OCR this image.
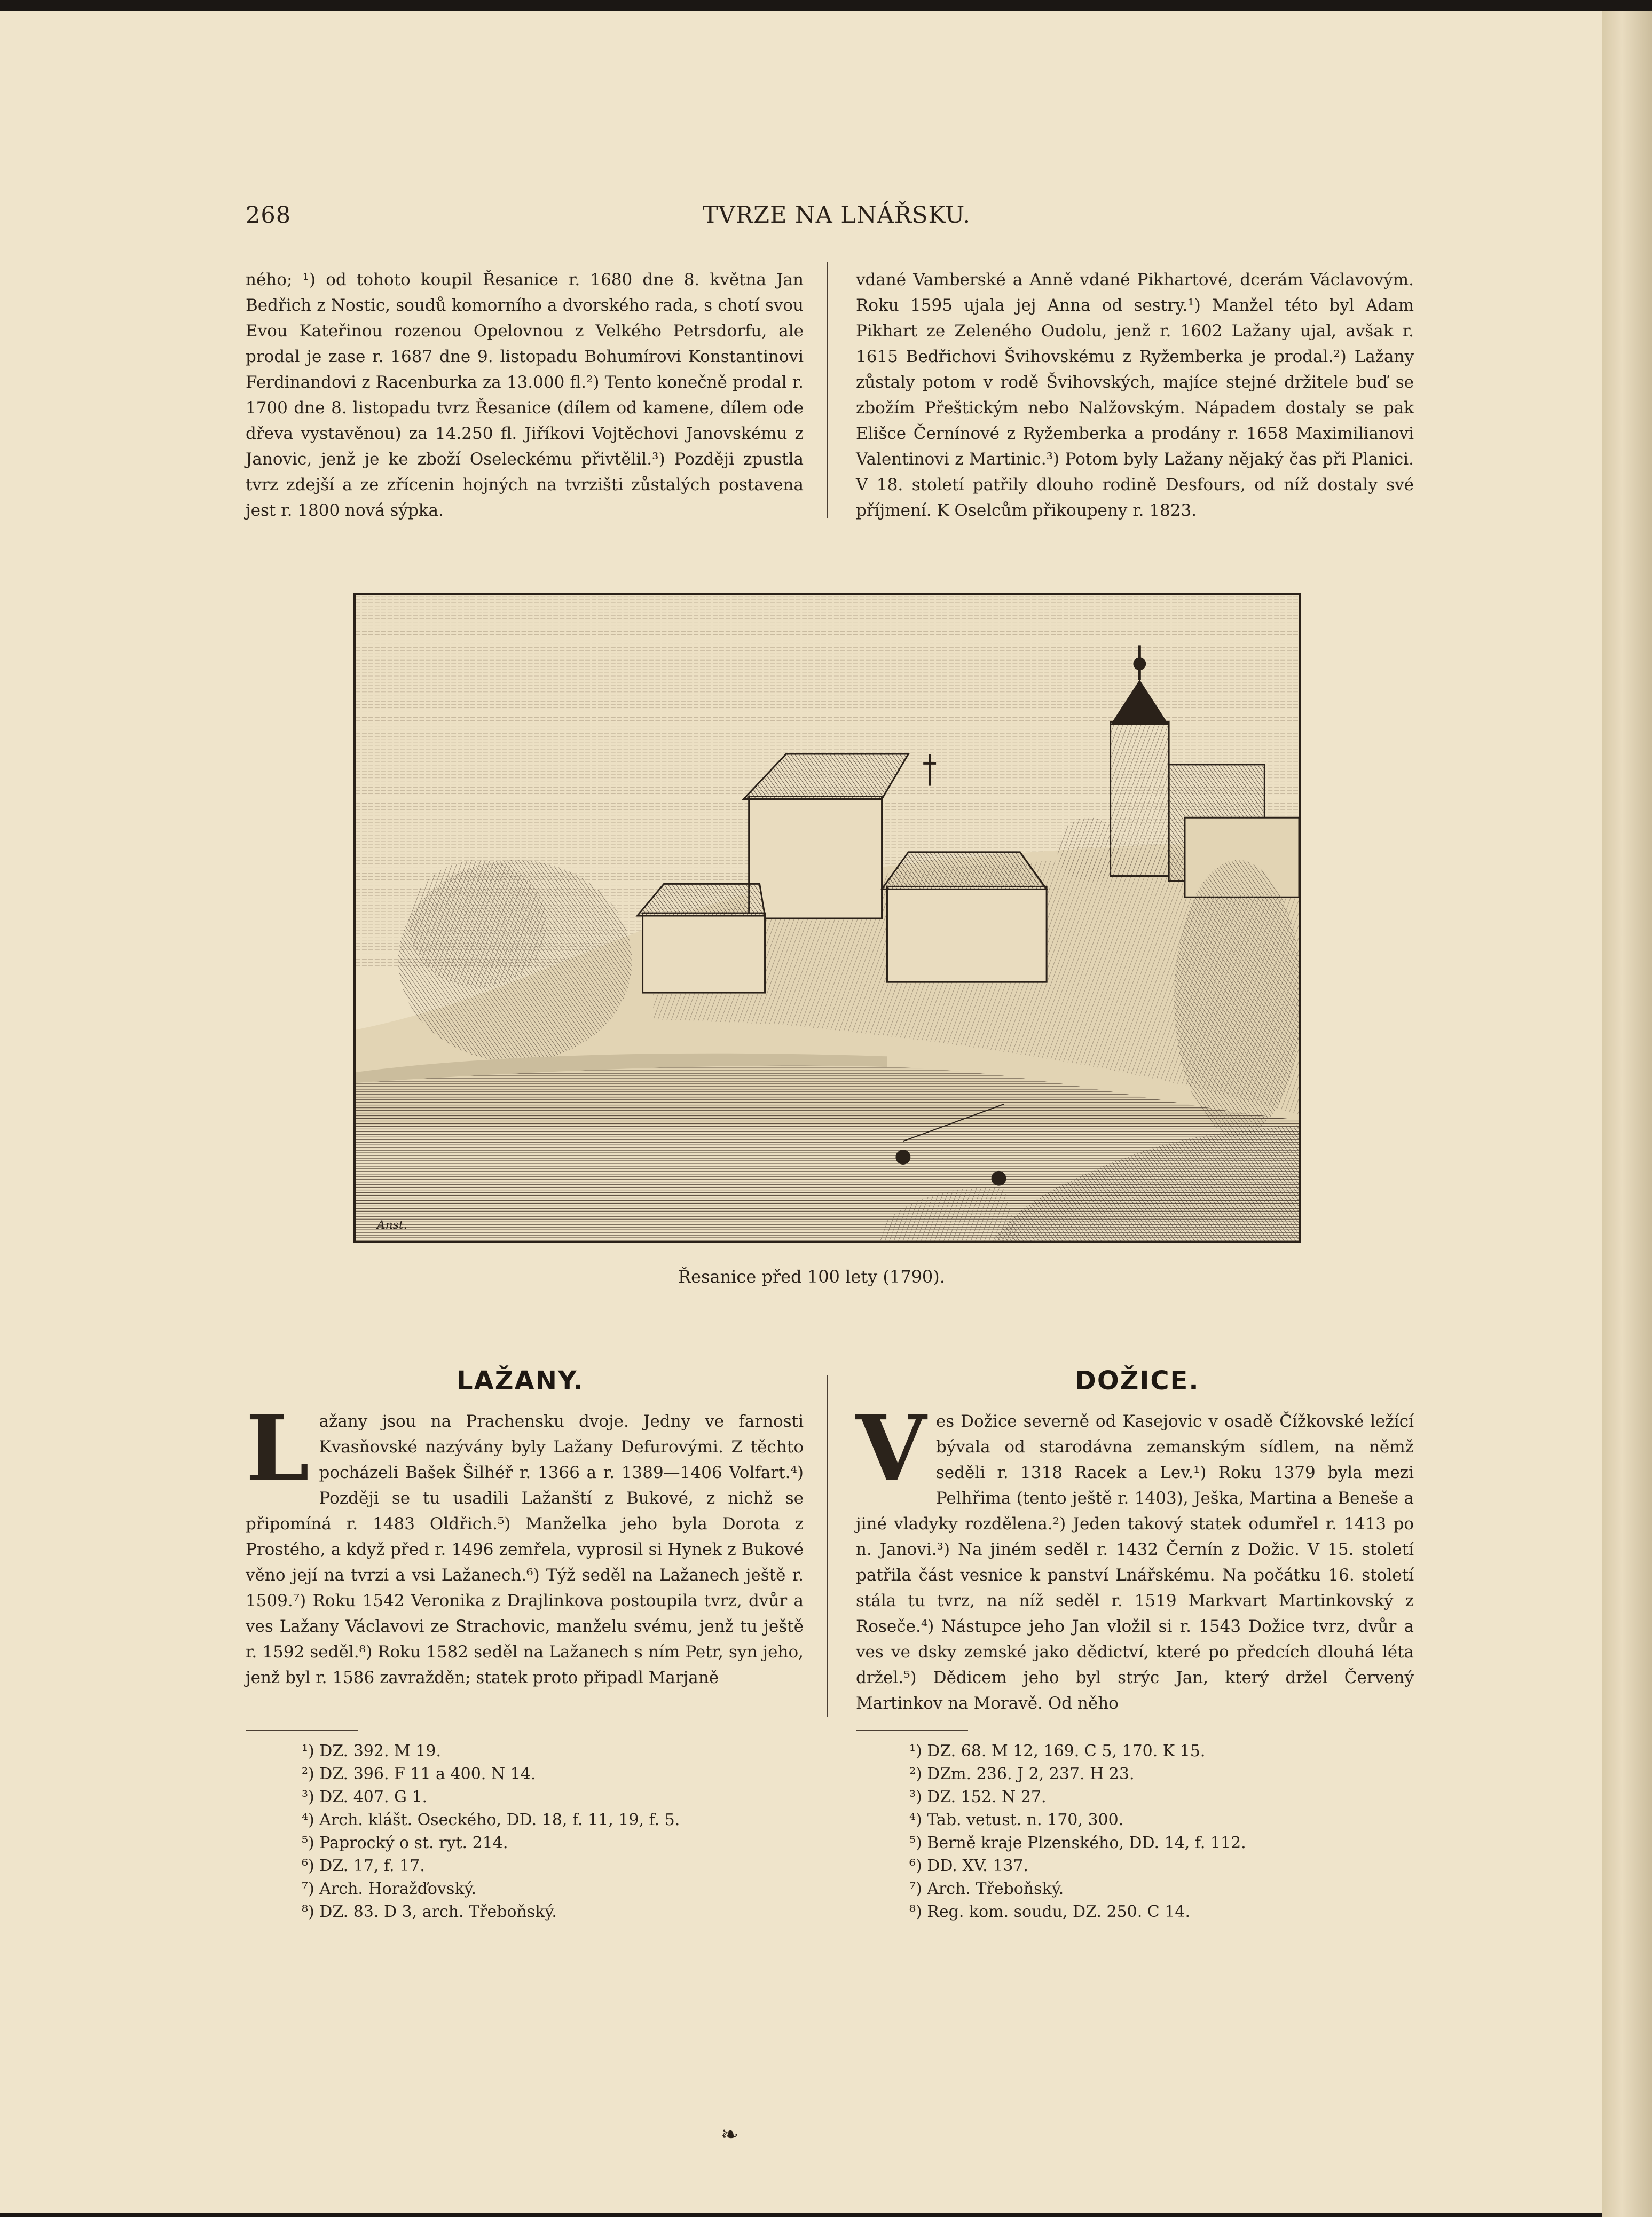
268	TVRZE NA LNÁŘSKU.

ného; ¹) od tohoto koupil Řesanice r. 1680 dne 8. května Jan Bedřich z Nostic, soudů komorního a dvorského rada, s chotí svou Evou Kateřinou rozenou Opelovnou z Velkého Petrsdorfu, ale prodal je zase r. 1687 dne 9. listopadu Bohumírovi Konstantinovi Ferdinandovi z Racenburka za 13.000 fl.²) Tento konečně prodal r. 1700 dne 8. listopadu tvrz Řesanice (dílem od kamene, dílem ode dřeva vystavěnou) za 14.250 fl. Jiříkovi Vojtěchovi Janovskému z Janovic, jenž je ke zboží Oseleckému přivtělil.³) Později zpustla tvrz zdejší a ze zřícenin hojných na tvrzišti zůstalých postavena jest r. 1800 nová sýpka.

vdané Vamberské a Anně vdané Pikhartové, dcerám Václavovým. Roku 1595 ujala jej Anna od sestry.¹) Manžel této byl Adam Pikhart ze Zeleného Oudolu, jenž r. 1602 Lažany ujal, avšak r. 1615 Bedřichovi Švihovskému z Ryžemberka je prodal.²) Lažany zůstaly potom v rodě Švihovských, majíce stejné držitele buď se zbožím Přeštickým nebo Nalžovským. Nápadem dostaly se pak Elišce Černínové z Ryžemberka a prodány r. 1658 Maximilianovi Valentinovi z Martinic.³) Potom byly Lažany nějaký čas při Planici. V 18. století patřily dlouho rodině Desfours, od níž dostaly své příjmení. K Oselcům přikoupeny r. 1823.

Anst.
Řesanice před 100 lety (1790).
LAŽANY.
L ažany jsou na Prachensku dvoje. Jedny ve farnosti Kvasňovské nazývány byly Lažany Defurovými. Z těchto pocházeli Bašek Šilhéř r. 1366 a r. 1389—1406 Volfart.⁴) Později se tu usadili Lažanští z Bukové, z nichž se připomíná r. 1483 Oldřich.⁵) Manželka jeho byla Dorota z Prostého, a když před r. 1496 zemřela, vyprosil si Hynek z Bukové věno její na tvrzi a vsi Lažanech.⁶) Týž seděl na Lažanech ještě r. 1509.⁷) Roku 1542 Veronika z Drajlinkova postoupila tvrz, dvůr a ves Lažany Václavovi ze Strachovic, manželu svému, jenž tu ještě r. 1592 seděl.⁸) Roku 1582 seděl na Lažanech s ním Petr, syn jeho, jenž byl r. 1586 zavražděn; statek proto připadl Marjaně

¹) DZ. 392. M 19.
²) DZ. 396. F 11 a 400. N 14.
³) DZ. 407. G 1.
⁴) Arch. klášt. Oseckého, DD. 18, f. 11, 19, f. 5.
⁵) Paprocký o st. ryt. 214.
⁶) DZ. 17, f. 17.
⁷) Arch. Horažďovský.
⁸) DZ. 83. D 3, arch. Třeboňský.
DOŽICE.
V es Dožice severně od Kasejovic v osadě Čížkovské ležící bývala od starodávna zemanským sídlem, na němž seděli r. 1318 Racek a Lev.¹) Roku 1379 byla mezi Pelhřima (tento ještě r. 1403), Ješka, Martina a Beneše a jiné vladyky rozdělena.²) Jeden takový statek odumřel r. 1413 po n. Janovi.³) Na jiném seděl r. 1432 Černín z Dožic. V 15. století patřila část vesnice k panství Lnářskému. Na počátku 16. století stála tu tvrz, na níž seděl r. 1519 Markvart Martinkovský z Roseče.⁴) Nástupce jeho Jan vložil si r. 1543 Dožice tvrz, dvůr a ves ve dsky zemské jako dědictví, které po předcích dlouhá léta držel.⁵) Dědicem jeho byl strýc Jan, který držel Červený Martinkov na Moravě. Od něho

¹) DZ. 68. M 12, 169. C 5, 170. K 15.
²) DZm. 236. J 2, 237. H 23.
³) DZ. 152. N 27.
⁴) Tab. vetust. n. 170, 300.
⁵) Berně kraje Plzenského, DD. 14, f. 112.
⁶) DD. XV. 137.
⁷) Arch. Třeboňský.
⁸) Reg. kom. soudu, DZ. 250. C 14.
❧
